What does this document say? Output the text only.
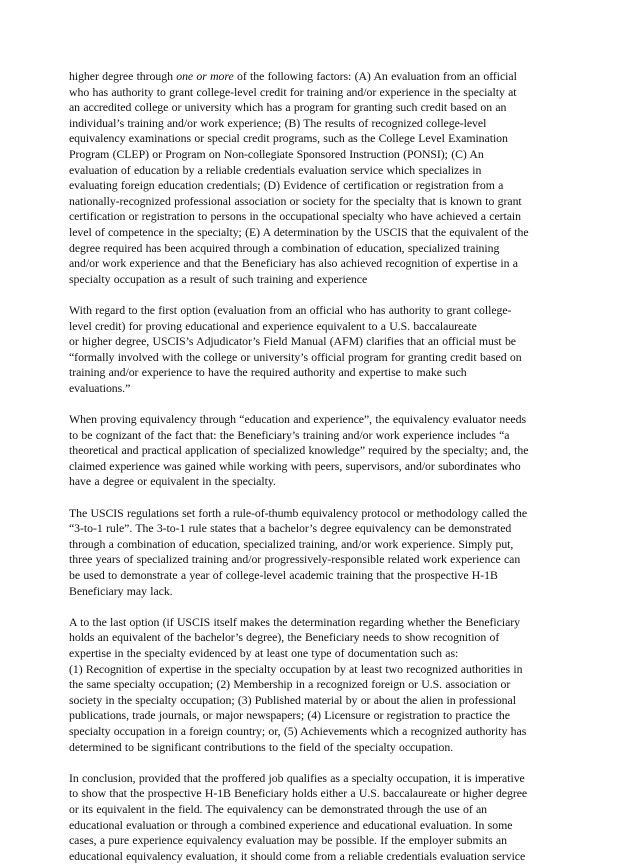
higher degree through one or more of the following factors: (A) An evaluation from an official
who has authority to grant college-level credit for training and/or experience in the specialty at
an accredited college or university which has a program for granting such credit based on an
individual’s training and/or work experience; (B) The results of recognized college-level
equivalency examinations or special credit programs, such as the College Level Examination
Program (CLEP) or Program on Non-collegiate Sponsored Instruction (PONSI); (C) An
evaluation of education by a reliable credentials evaluation service which specializes in
evaluating foreign education credentials; (D) Evidence of certification or registration from a
nationally-recognized professional association or society for the specialty that is known to grant
certification or registration to persons in the occupational specialty who have achieved a certain
level of competence in the specialty; (E) A determination by the USCIS that the equivalent of the
degree required has been acquired through a combination of education, specialized training
and/or work experience and that the Beneficiary has also achieved recognition of expertise in a
specialty occupation as a result of such training and experience
With regard to the first option (evaluation from an official who has authority to grant college-
level credit) for proving educational and experience equivalent to a U.S. baccalaureate
or higher degree, USCIS’s Adjudicator’s Field Manual (AFM) clarifies that an official must be
“formally involved with the college or university’s official program for granting credit based on
training and/or experience to have the required authority and expertise to make such
evaluations.”
When proving equivalency through “education and experience”, the equivalency evaluator needs
to be cognizant of the fact that: the Beneficiary’s training and/or work experience includes “a
theoretical and practical application of specialized knowledge” required by the specialty; and, the
claimed experience was gained while working with peers, supervisors, and/or subordinates who
have a degree or equivalent in the specialty.
The USCIS regulations set forth a rule-of-thumb equivalency protocol or methodology called the
“3-to-1 rule”. The 3-to-1 rule states that a bachelor’s degree equivalency can be demonstrated
through a combination of education, specialized training, and/or work experience. Simply put,
three years of specialized training and/or progressively-responsible related work experience can
be used to demonstrate a year of college-level academic training that the prospective H-1B
Beneficiary may lack.
A to the last option (if USCIS itself makes the determination regarding whether the Beneficiary
holds an equivalent of the bachelor’s degree), the Beneficiary needs to show recognition of
expertise in the specialty evidenced by at least one type of documentation such as:
(1) Recognition of expertise in the specialty occupation by at least two recognized authorities in
the same specialty occupation; (2) Membership in a recognized foreign or U.S. association or
society in the specialty occupation; (3) Published material by or about the alien in professional
publications, trade journals, or major newspapers; (4) Licensure or registration to practice the
specialty occupation in a foreign country; or, (5) Achievements which a recognized authority has
determined to be significant contributions to the field of the specialty occupation.
In conclusion, provided that the proffered job qualifies as a specialty occupation, it is imperative
to show that the prospective H-1B Beneficiary holds either a U.S. baccalaureate or higher degree
or its equivalent in the field. The equivalency can be demonstrated through the use of an
educational evaluation or through a combined experience and educational evaluation. In some
cases, a pure experience equivalency evaluation may be possible. If the employer submits an
educational equivalency evaluation, it should come from a reliable credentials evaluation service
